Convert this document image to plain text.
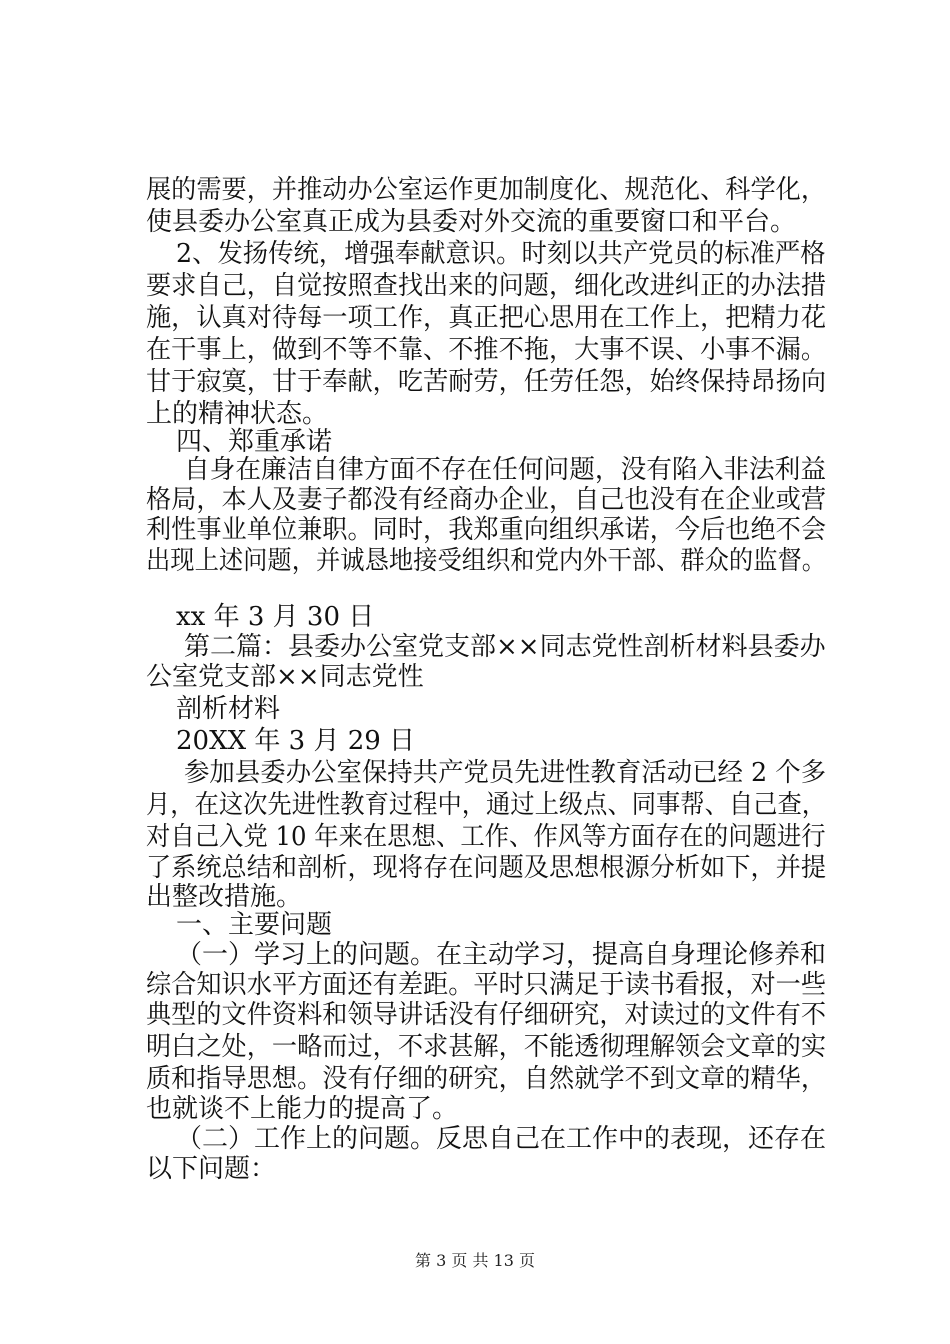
展的需要，并推动办公室运作更加制度化、规范化、科学化，
使县委办公室真正成为县委对外交流的重要窗口和平台。
2、发扬传统，增强奉献意识。时刻以共产党员的标准严格
要求自己，自觉按照查找出来的问题，细化改进纠正的办法措
施，认真对待每一项工作，真正把心思用在工作上，把精力花
在干事上，做到不等不靠、不推不拖，大事不误、小事不漏。
甘于寂寞，甘于奉献，吃苦耐劳，任劳任怨，始终保持昂扬向
上的精神状态。
四、郑重承诺
自身在廉洁自律方面不存在任何问题，没有陷入非法利益
格局，本人及妻子都没有经商办企业，自己也没有在企业或营
利性事业单位兼职。同时，我郑重向组织承诺，今后也绝不会
出现上述问题，并诚恳地接受组织和党内外干部、群众的监督。
xx 年 3 月 30 日
第二篇：县委办公室党支部××同志党性剖析材料县委办
公室党支部××同志党性
剖析材料
20XX 年 3 月 29 日
参加县委办公室保持共产党员先进性教育活动已经 2 个多
月，在这次先进性教育过程中，通过上级点、同事帮、自己查，
对自己入党 10 年来在思想、工作、作风等方面存在的问题进行
了系统总结和剖析，现将存在问题及思想根源分析如下，并提
出整改措施。
一、主要问题
（一）学习上的问题。在主动学习，提高自身理论修养和
综合知识水平方面还有差距。平时只满足于读书看报，对一些
典型的文件资料和领导讲话没有仔细研究，对读过的文件有不
明白之处，一略而过，不求甚解，不能透彻理解领会文章的实
质和指导思想。没有仔细的研究，自然就学不到文章的精华，
也就谈不上能力的提高了。
（二）工作上的问题。反思自己在工作中的表现，还存在
以下问题：
第 3 页 共 13 页
